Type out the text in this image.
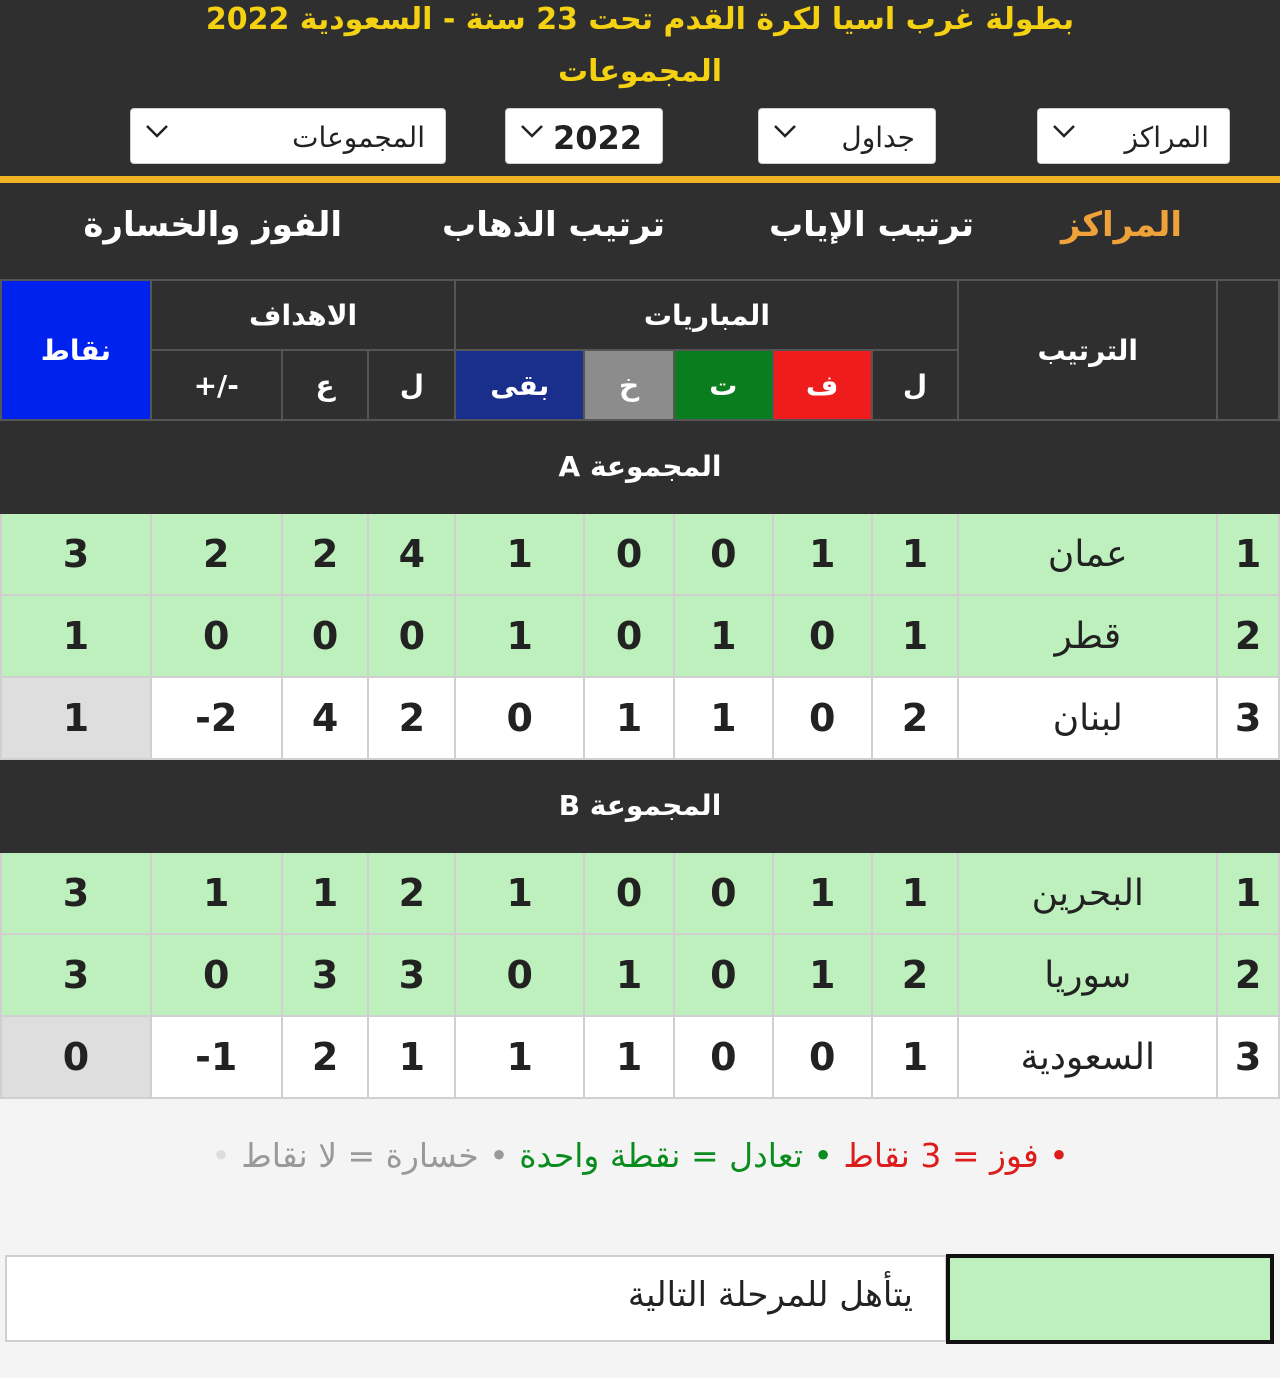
بطولة غرب اسيا لكرة القدم تحت 23 سنة - السعودية 2022
المجموعات
المراكز
جداول
2022
المجموعات
المراكز
ترتيب الإياب
ترتيب الذهاب
الفوز والخسارة
	الترتيب	المباريات					الاهداف			نقاط
		ل	ف	ت	خ	بقى	ل	ع	+/-	
المجموعة A										
1	عمان	1	1	0	0	1	4	2	2	3
2	قطر	1	0	1	0	1	0	0	0	1
3	لبنان	2	0	1	1	0	2	4	2-	1
المجموعة B										
1	البحرين	1	1	0	0	1	2	1	1	3
2	سوريا	2	1	0	1	0	3	3	0	3
3	السعودية	1	0	0	1	1	1	2	1-	0
• فوز = 3 نقاط • تعادل = نقطة واحدة • خسارة = لا نقاط •
يتأهل للمرحلة التالية
